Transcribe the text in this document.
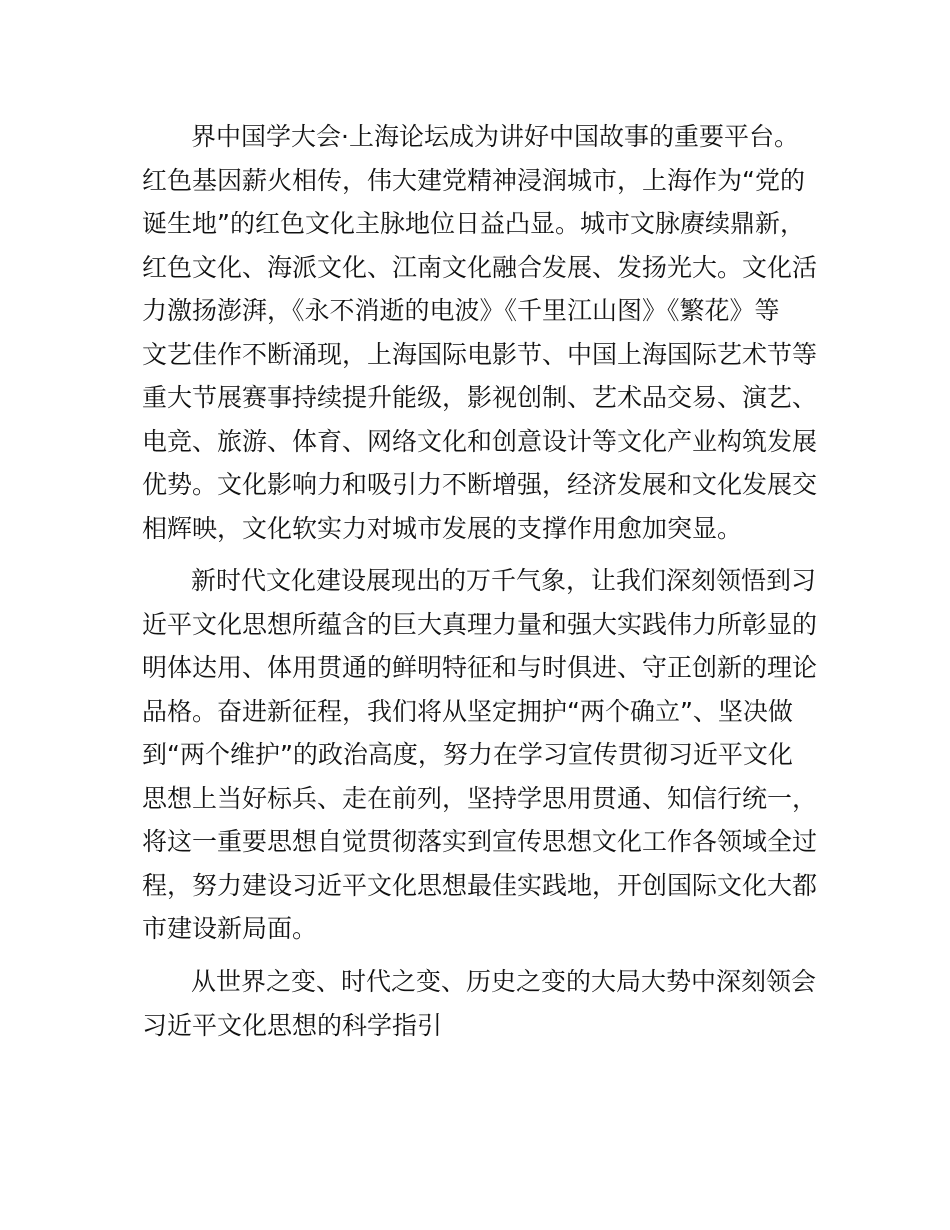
界中国学大会·上海论坛成为讲好中国故事的重要平台。
红色基因薪火相传，伟大建党精神浸润城市，上海作为“党的
诞生地”的红色文化主脉地位日益凸显。城市文脉赓续鼎新，
红色文化、海派文化、江南文化融合发展、发扬光大。文化活
力激扬澎湃，《永不消逝的电波》《千里江山图》《繁花》等
文艺佳作不断涌现，上海国际电影节、中国上海国际艺术节等
重大节展赛事持续提升能级，影视创制、艺术品交易、演艺、
电竞、旅游、体育、网络文化和创意设计等文化产业构筑发展
优势。文化影响力和吸引力不断增强，经济发展和文化发展交
相辉映，文化软实力对城市发展的支撑作用愈加突显。
新时代文化建设展现出的万千气象，让我们深刻领悟到习
近平文化思想所蕴含的巨大真理力量和强大实践伟力所彰显的
明体达用、体用贯通的鲜明特征和与时俱进、守正创新的理论
品格。奋进新征程，我们将从坚定拥护“两个确立”、坚决做
到“两个维护”的政治高度，努力在学习宣传贯彻习近平文化
思想上当好标兵、走在前列，坚持学思用贯通、知信行统一，
将这一重要思想自觉贯彻落实到宣传思想文化工作各领域全过
程，努力建设习近平文化思想最佳实践地，开创国际文化大都
市建设新局面。
从世界之变、时代之变、历史之变的大局大势中深刻领会
习近平文化思想的科学指引
